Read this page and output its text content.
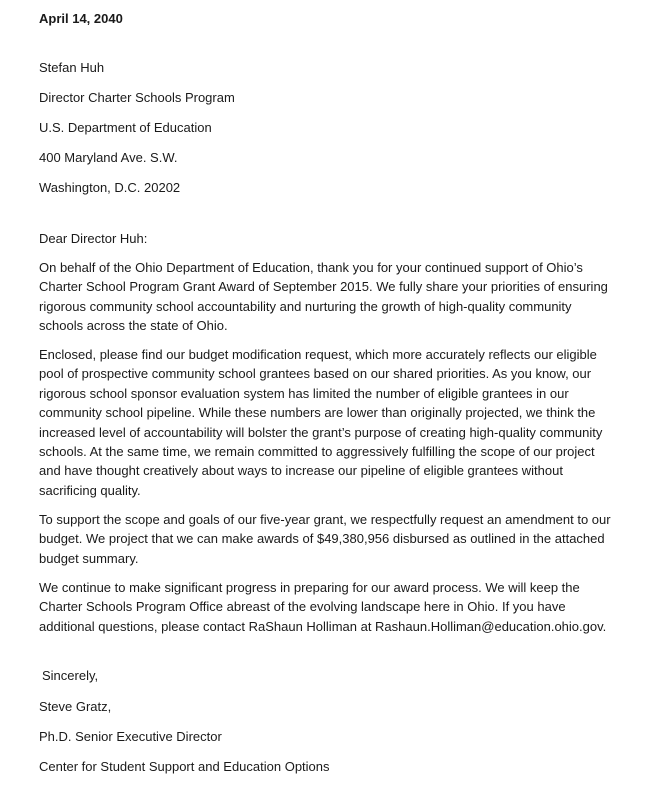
April 14, 2040

Stefan Huh

Director Charter Schools Program

U.S. Department of Education

400 Maryland Ave. S.W.

Washington, D.C. 20202

Dear Director Huh:

On behalf of the Ohio Department of Education, thank you for your continued support of Ohio’s
Charter School Program Grant Award of September 2015. We fully share your priorities of ensuring
rigorous community school accountability and nurturing the growth of high-quality community
schools across the state of Ohio.
Enclosed, please find our budget modification request, which more accurately reflects our eligible
pool of prospective community school grantees based on our shared priorities. As you know, our
rigorous school sponsor evaluation system has limited the number of eligible grantees in our
community school pipeline. While these numbers are lower than originally projected, we think the
increased level of accountability will bolster the grant’s purpose of creating high-quality community
schools. At the same time, we remain committed to aggressively fulfilling the scope of our project
and have thought creatively about ways to increase our pipeline of eligible grantees without
sacrificing quality.
To support the scope and goals of our five-year grant, we respectfully request an amendment to our
budget. We project that we can make awards of $49,380,956 disbursed as outlined in the attached
budget summary.
We continue to make significant progress in preparing for our award process. We will keep the
Charter Schools Program Office abreast of the evolving landscape here in Ohio. If you have
additional questions, please contact RaShaun Holliman at Rashaun.Holliman@education.ohio.gov.

Sincerely,

Steve Gratz,

Ph.D. Senior Executive Director

Center for Student Support and Education Options
